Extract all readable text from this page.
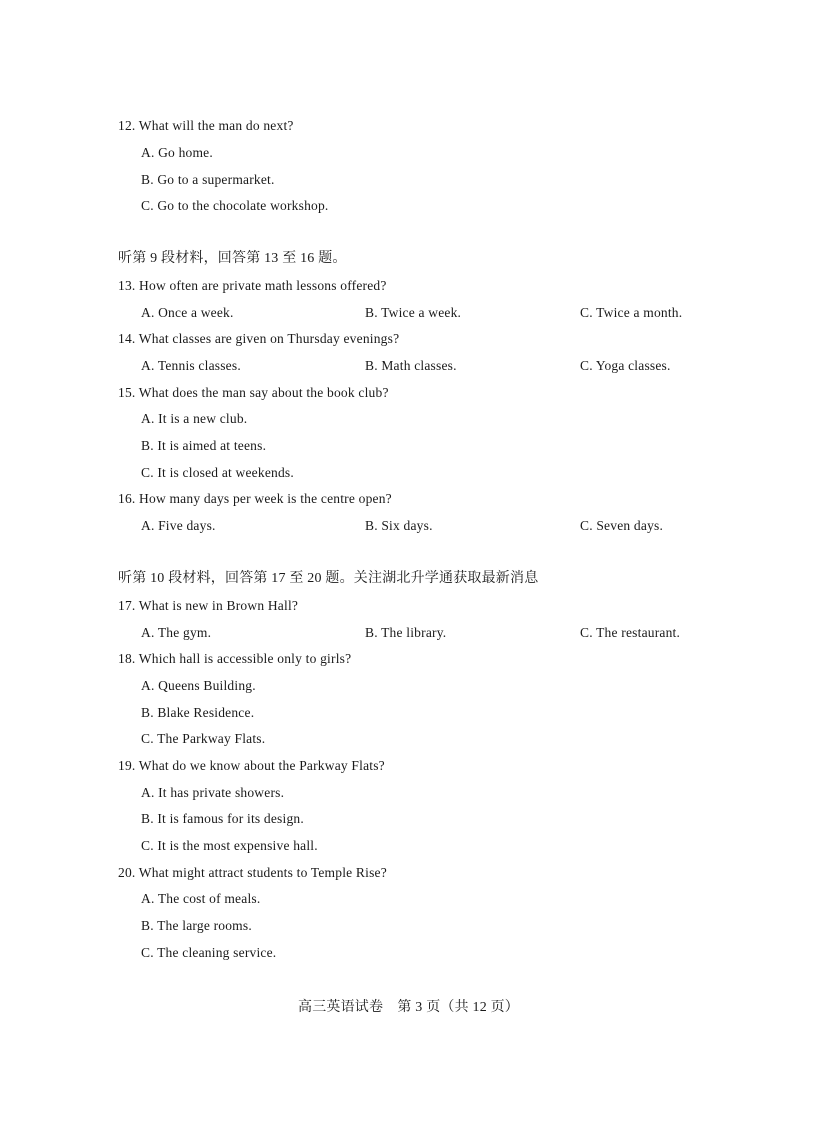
12. What will the man do next?
A. Go home.
B. Go to a supermarket.
C. Go to the chocolate workshop.
听第 9 段材料，回答第 13 至 16 题。
13. How often are private math lessons offered?
A. Once a week.	B. Twice a week.	C. Twice a month.
14. What classes are given on Thursday evenings?
A. Tennis classes.	B. Math classes.	C. Yoga classes.
15. What does the man say about the book club?
A. It is a new club.
B. It is aimed at teens.
C. It is closed at weekends.
16. How many days per week is the centre open?
A. Five days.	B. Six days.	C. Seven days.
听第 10 段材料，回答第 17 至 20 题。关注湖北升学通获取最新消息
17. What is new in Brown Hall?
A. The gym.	B. The library.	C. The restaurant.
18. Which hall is accessible only to girls?
A. Queens Building.
B. Blake Residence.
C. The Parkway Flats.
19. What do we know about the Parkway Flats?
A. It has private showers.
B. It is famous for its design.
C. It is the most expensive hall.
20. What might attract students to Temple Rise?
A. The cost of meals.
B. The large rooms.
C. The cleaning service.
高三英语试卷　第 3 页（共 12 页）
